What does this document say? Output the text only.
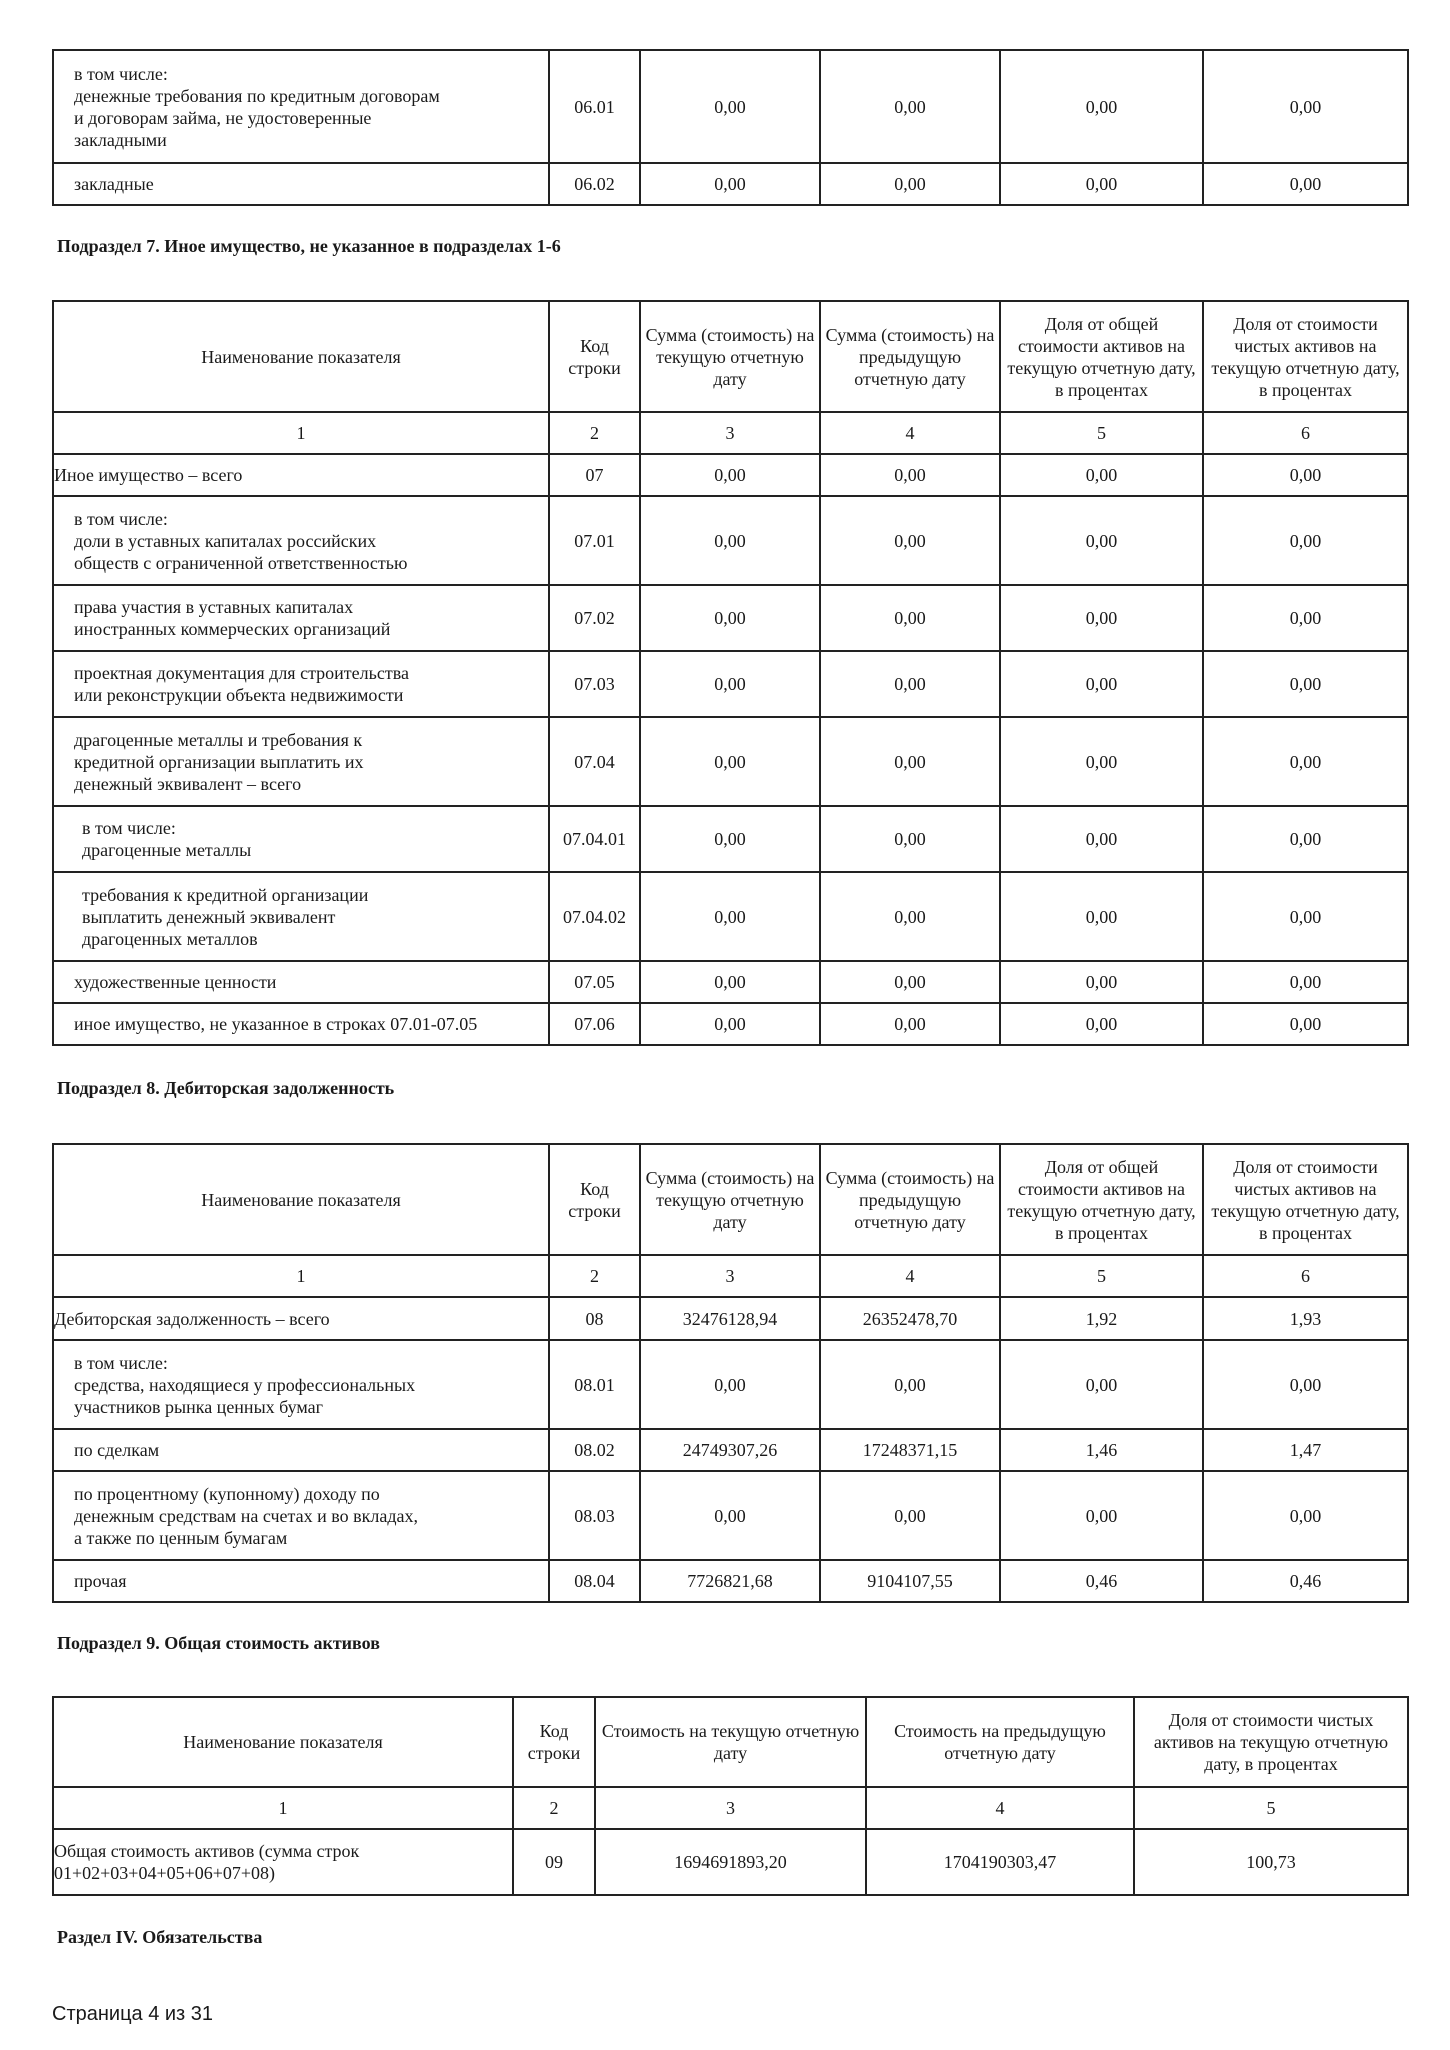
в том числе:
денежные требования по кредитным договорам
и договорам займа, не удостоверенные
закладными	06.01	0,00	0,00	0,00	0,00
закладные	06.02	0,00	0,00	0,00	0,00
Подраздел 7. Иное имущество, не указанное в подразделах 1-6
Наименование показателя	Код строки	Сумма (стоимость) на текущую отчетную дату	Сумма (стоимость) на предыдущую отчетную дату	Доля от общей стоимости активов на текущую отчетную дату, в процентах	Доля от стоимости чистых активов на текущую отчетную дату, в процентах
1	2	3	4	5	6
Иное имущество – всего	07	0,00	0,00	0,00	0,00
в том числе:
доли в уставных капиталах российских
обществ с ограниченной ответственностью	07.01	0,00	0,00	0,00	0,00
права участия в уставных капиталах
иностранных коммерческих организаций	07.02	0,00	0,00	0,00	0,00
проектная документация для строительства
или реконструкции объекта недвижимости	07.03	0,00	0,00	0,00	0,00
драгоценные металлы и требования к
кредитной организации выплатить их
денежный эквивалент – всего	07.04	0,00	0,00	0,00	0,00
в том числе:
драгоценные металлы	07.04.01	0,00	0,00	0,00	0,00
требования к кредитной организации
выплатить денежный эквивалент
драгоценных металлов	07.04.02	0,00	0,00	0,00	0,00
художественные ценности	07.05	0,00	0,00	0,00	0,00
иное имущество, не указанное в строках 07.01-07.05	07.06	0,00	0,00	0,00	0,00
Подраздел 8. Дебиторская задолженность
Наименование показателя	Код строки	Сумма (стоимость) на текущую отчетную дату	Сумма (стоимость) на предыдущую отчетную дату	Доля от общей стоимости активов на текущую отчетную дату, в процентах	Доля от стоимости чистых активов на текущую отчетную дату, в процентах
1	2	3	4	5	6
Дебиторская задолженность – всего	08	32476128,94	26352478,70	1,92	1,93
в том числе:
средства, находящиеся у профессиональных
участников рынка ценных бумаг	08.01	0,00	0,00	0,00	0,00
по сделкам	08.02	24749307,26	17248371,15	1,46	1,47
по процентному (купонному) доходу по
денежным средствам на счетах и во вкладах,
а также по ценным бумагам	08.03	0,00	0,00	0,00	0,00
прочая	08.04	7726821,68	9104107,55	0,46	0,46
Подраздел 9. Общая стоимость активов
Наименование показателя	Код строки	Стоимость на текущую отчетную дату	Стоимость на предыдущую отчетную дату	Доля от стоимости чистых активов на текущую отчетную дату, в процентах
1	2	3	4	5
Общая стоимость активов (сумма строк 01+02+03+04+05+06+07+08)	09	1694691893,20	1704190303,47	100,73
Раздел IV. Обязательства
Страница 4 из 31
